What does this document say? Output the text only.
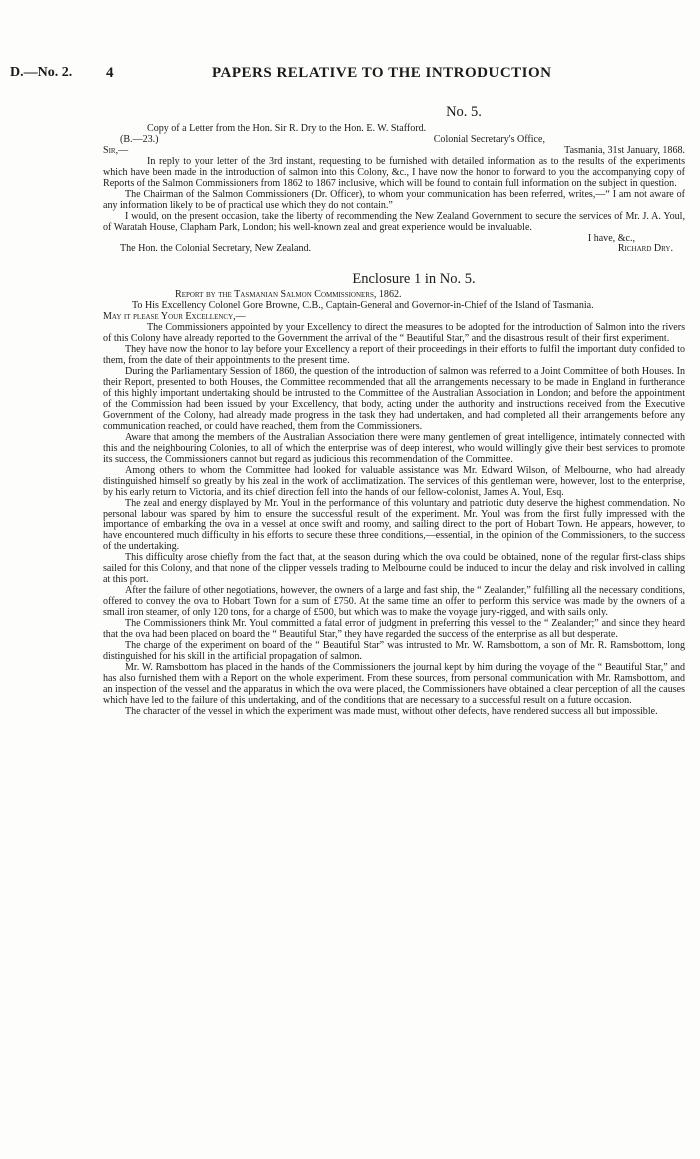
D.—No. 2. 4	PAPERS RELATIVE TO THE INTRODUCTION
No. 5.

Copy of a Letter from the Hon. Sir R. Dry to the Hon. E. W. Stafford.

(B.—23.)	Colonial Secretary's Office,
Sir,—	Tasmania, 31st January, 1868.

In reply to your letter of the 3rd instant, requesting to be furnished with detailed information as to the results of the experiments which have been made in the introduction of salmon into this Colony, &c., I have now the honor to forward to you the accompanying copy of Reports of the Salmon Commissioners from 1862 to 1867 inclusive, which will be found to contain full information on the subject in question.

The Chairman of the Salmon Commissioners (Dr. Officer), to whom your communication has been referred, writes,—“ I am not aware of any information likely to be of practical use which they do not contain.”

I would, on the present occasion, take the liberty of recommending the New Zealand Government to secure the services of Mr. J. A. Youl, of Waratah House, Clapham Park, London; his well-known zeal and great experience would be invaluable.

I have, &c.,
The Hon. the Colonial Secretary, New Zealand.	Richard Dry.
Enclosure 1 in No. 5.

Report by the Tasmanian Salmon Commissioners, 1862.

To His Excellency Colonel Gore Browne, C.B., Captain-General and Governor-in-Chief of the Island of Tasmania.

May it please Your Excellency,—

The Commissioners appointed by your Excellency to direct the measures to be adopted for the introduction of Salmon into the rivers of this Colony have already reported to the Government the arrival of the “ Beautiful Star,” and the disastrous result of their first experiment.

They have now the honor to lay before your Excellency a report of their proceedings in their efforts to fulfil the important duty confided to them, from the date of their appointments to the present time.

During the Parliamentary Session of 1860, the question of the introduction of salmon was referred to a Joint Committee of both Houses. In their Report, presented to both Houses, the Committee recommended that all the arrangements necessary to be made in England in furtherance of this highly important undertaking should be intrusted to the Committee of the Australian Association in London; and before the appointment of the Commission had been issued by your Excellency, that body, acting under the authority and instructions received from the Executive Government of the Colony, had already made progress in the task they had undertaken, and had completed all their arrangements before any communication reached, or could have reached, them from the Commissioners.

Aware that among the members of the Australian Association there were many gentlemen of great intelligence, intimately connected with this and the neighbouring Colonies, to all of which the enterprise was of deep interest, who would willingly give their best services to promote its success, the Commissioners cannot but regard as judicious this recommendation of the Committee.

Among others to whom the Committee had looked for valuable assistance was Mr. Edward Wilson, of Melbourne, who had already distinguished himself so greatly by his zeal in the work of acclimatization. The services of this gentleman were, however, lost to the enterprise, by his early return to Victoria, and its chief direction fell into the hands of our fellow-colonist, James A. Youl, Esq.

The zeal and energy displayed by Mr. Youl in the performance of this voluntary and patriotic duty deserve the highest commendation. No personal labour was spared by him to ensure the successful result of the experiment. Mr. Youl was from the first fully impressed with the importance of embarking the ova in a vessel at once swift and roomy, and sailing direct to the port of Hobart Town. He appears, however, to have encountered much difficulty in his efforts to secure these three conditions,—essential, in the opinion of the Commissioners, to the success of the undertaking.

This difficulty arose chiefly from the fact that, at the season during which the ova could be obtained, none of the regular first-class ships sailed for this Colony, and that none of the clipper vessels trading to Melbourne could be induced to incur the delay and risk involved in calling at this port.

After the failure of other negotiations, however, the owners of a large and fast ship, the “ Zealander,” fulfilling all the necessary conditions, offered to convey the ova to Hobart Town for a sum of £750. At the same time an offer to perform this service was made by the owners of a small iron steamer, of only 120 tons, for a charge of £500, but which was to make the voyage jury-rigged, and with sails only.

The Commissioners think Mr. Youl committed a fatal error of judgment in preferring this vessel to the “ Zealander;” and since they heard that the ova had been placed on board the “ Beautiful Star,” they have regarded the success of the enterprise as all but desperate.

The charge of the experiment on board of the “ Beautiful Star” was intrusted to Mr. W. Ramsbottom, a son of Mr. R. Ramsbottom, long distinguished for his skill in the artificial propagation of salmon.

Mr. W. Ramsbottom has placed in the hands of the Commissioners the journal kept by him during the voyage of the “ Beautiful Star,” and has also furnished them with a Report on the whole experiment. From these sources, from personal communication with Mr. Ramsbottom, and an inspection of the vessel and the apparatus in which the ova were placed, the Commissioners have obtained a clear perception of all the causes which have led to the failure of this undertaking, and of the conditions that are necessary to a successful result on a future occasion.

The character of the vessel in which the experiment was made must, without other defects, have rendered success all but impossible.
